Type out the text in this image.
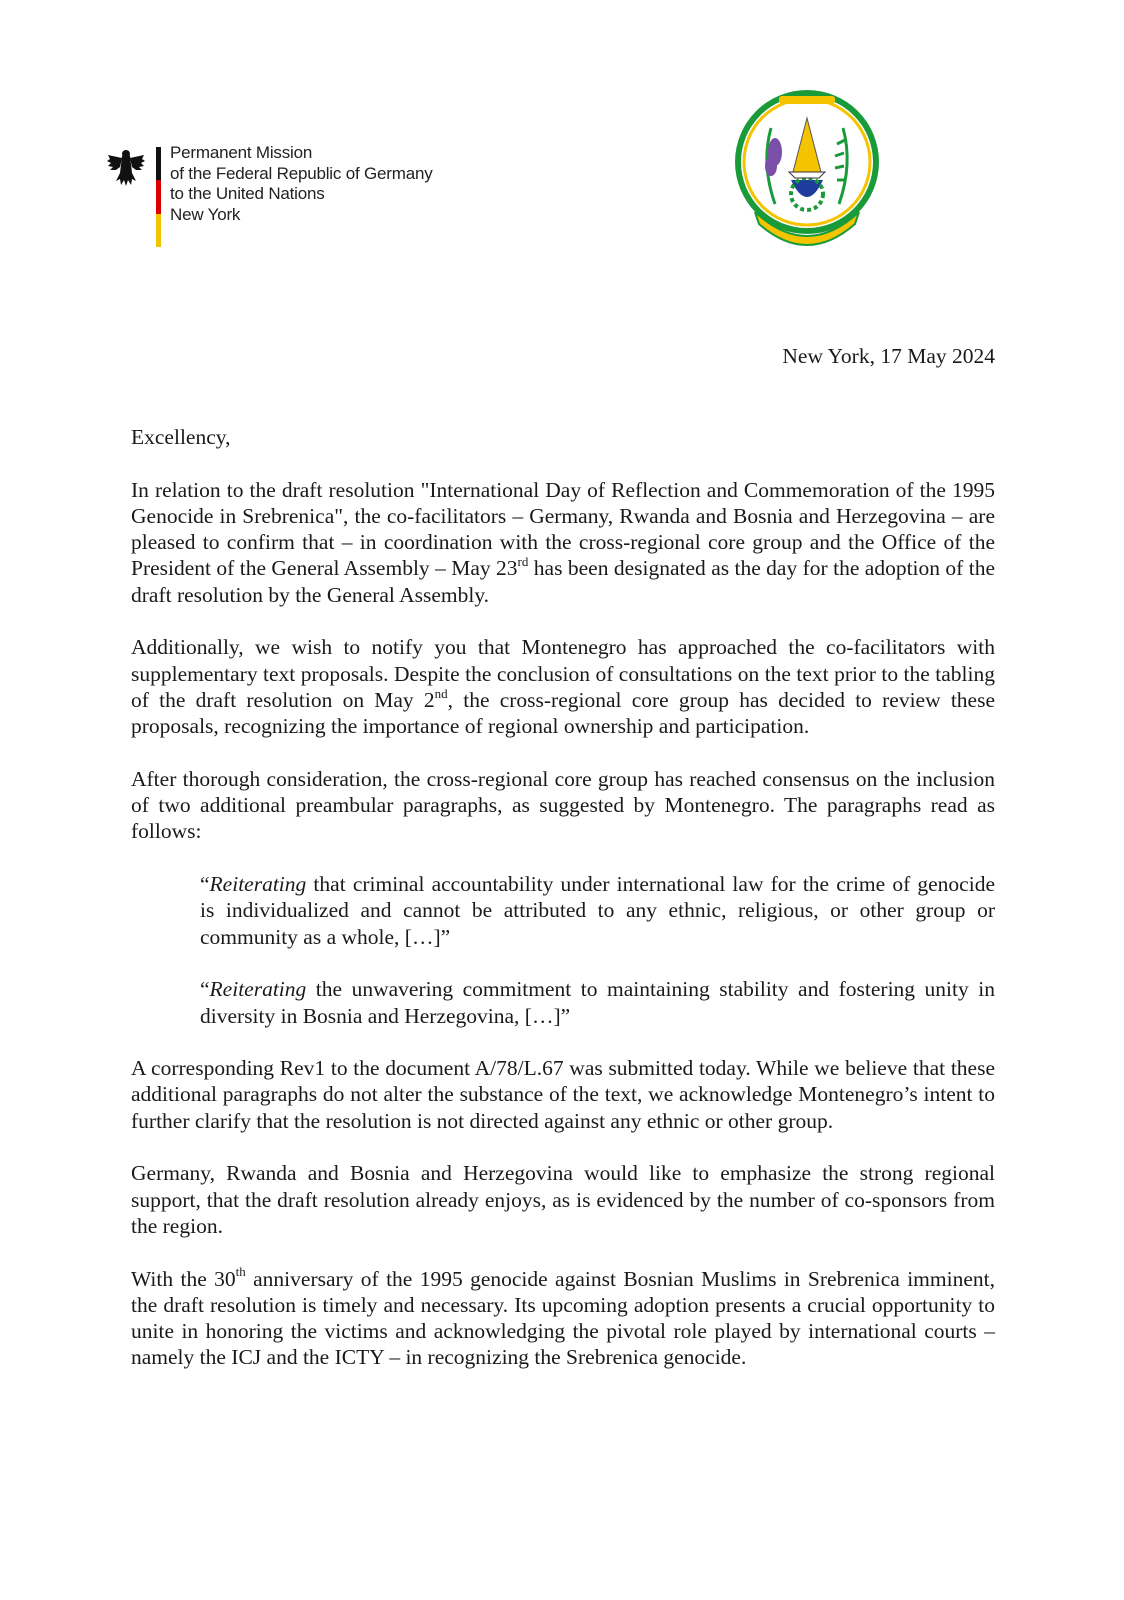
Permanent Mission
of the Federal Republic of Germany
to the United Nations
New York
New York, 17 May 2024

Excellency,

In relation to the draft resolution "International Day of Reflection and Commemoration of the 1995 Genocide in Srebrenica", the co-facilitators – Germany, Rwanda and Bosnia and Herzegovina – are pleased to confirm that – in coordination with the cross-regional core group and the Office of the President of the General Assembly – May 23rd has been designated as the day for the adoption of the draft resolution by the General Assembly.

Additionally, we wish to notify you that Montenegro has approached the co-facilitators with supplementary text proposals. Despite the conclusion of consultations on the text prior to the tabling of the draft resolution on May 2nd, the cross-regional core group has decided to review these proposals, recognizing the importance of regional ownership and participation.

After thorough consideration, the cross-regional core group has reached consensus on the inclusion of two additional preambular paragraphs, as suggested by Montenegro. The paragraphs read as follows:

“Reiterating that criminal accountability under international law for the crime of genocide is individualized and cannot be attributed to any ethnic, religious, or other group or community as a whole, […]”

“Reiterating the unwavering commitment to maintaining stability and fostering unity in diversity in Bosnia and Herzegovina, […]”

A corresponding Rev1 to the document A/78/L.67 was submitted today. While we believe that these additional paragraphs do not alter the substance of the text, we acknowledge Montenegro’s intent to further clarify that the resolution is not directed against any ethnic or other group.

Germany, Rwanda and Bosnia and Herzegovina would like to emphasize the strong regional support, that the draft resolution already enjoys, as is evidenced by the number of co-sponsors from the region.

With the 30th anniversary of the 1995 genocide against Bosnian Muslims in Srebrenica imminent, the draft resolution is timely and necessary. Its upcoming adoption presents a crucial opportunity to unite in honoring the victims and acknowledging the pivotal role played by international courts – namely the ICJ and the ICTY – in recognizing the Srebrenica genocide.
